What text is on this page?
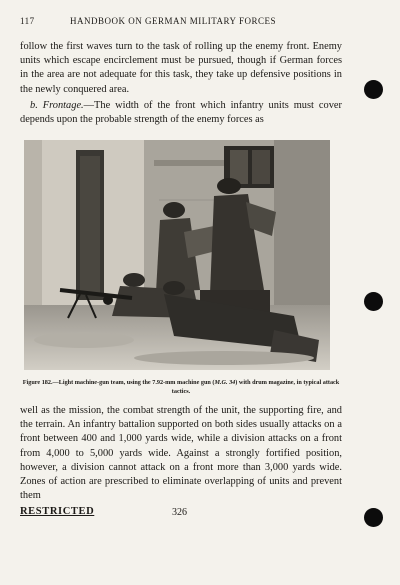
117	HANDBOOK ON GERMAN MILITARY FORCES
follow the first waves turn to the task of rolling up the enemy front. Enemy units which escape encirclement must be pursued, though if German forces in the area are not adequate for this task, they take up defensive positions in the newly conquered area.
b. Frontage.—The width of the front which infantry units must cover depends upon the probable strength of the enemy forces as
Figure 182.—Light machine-gun team, using the 7.92-mm machine gun (M.G. 34) with drum magazine, in typical attack tactics.
well as the mission, the combat strength of the unit, the supporting fire, and the terrain. An infantry battalion supported on both sides usually attacks on a front between 400 and 1,000 yards wide, while a division attacks on a front from 4,000 to 5,000 yards wide. Against a strongly fortified position, however, a division cannot attack on a front more than 3,000 yards wide. Zones of action are prescribed to eliminate overlapping of units and prevent them
RESTRICTED	326
